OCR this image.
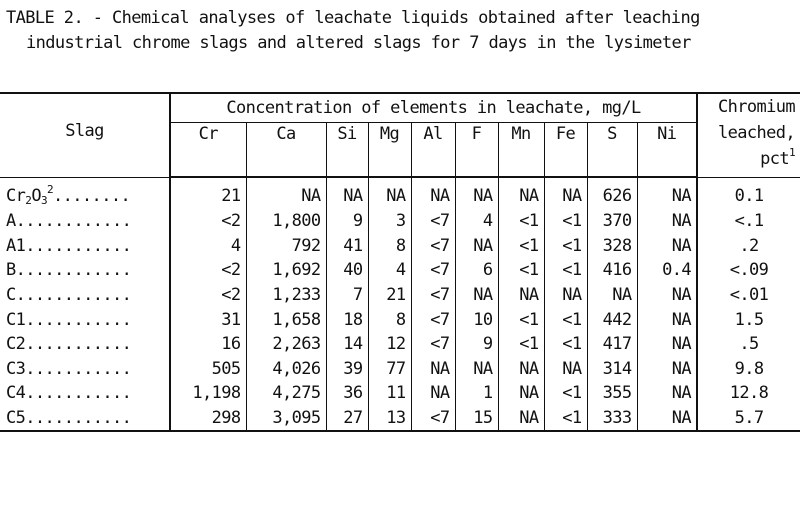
TABLE 2. - Chemical analyses of leachate liquids obtained after leaching
industrial chrome slags and altered slags for 7 days in the lysimeter
Slag	Concentration of elements in leachate, mg/L										Chromium
leached,
pct$^1$
	Cr	Ca	Si	Mg	Al	F	Mn	Fe	S	Ni	
$Cr_2O_3^2$........	21	NA	NA	NA	NA	NA	NA	NA	626	NA	0.1
A............	<2	1,800	9	3	<7	4	<1	<1	370	NA	<.1
A1...........	4	792	41	8	<7	NA	<1	<1	328	NA	.2
B............	<2	1,692	40	4	<7	6	<1	<1	416	0.4	<.09
C............	<2	1,233	7	21	<7	NA	NA	NA	NA	NA	<.01
C1...........	31	1,658	18	8	<7	10	<1	<1	442	NA	1.5
C2...........	16	2,263	14	12	<7	9	<1	<1	417	NA	.5
C3...........	505	4,026	39	77	NA	NA	NA	NA	314	NA	9.8
C4...........	1,198	4,275	36	11	NA	1	NA	<1	355	NA	12.8
C5...........	298	3,095	27	13	<7	15	NA	<1	333	NA	5.7
